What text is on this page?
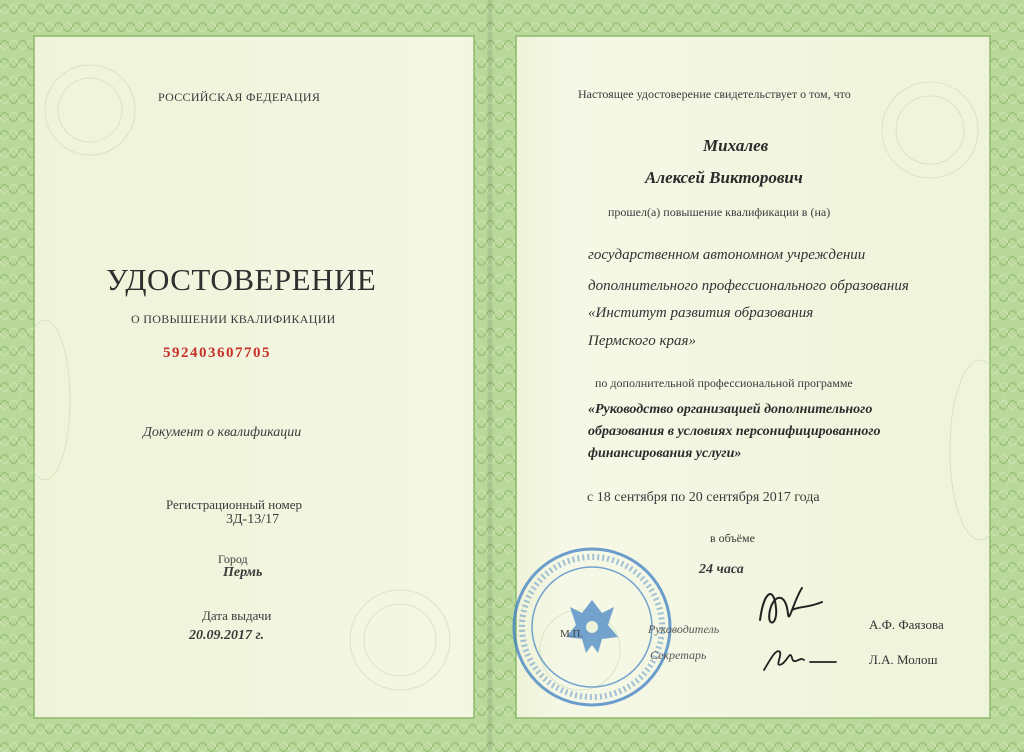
РОССИЙСКАЯ ФЕДЕРАЦИЯ
УДОСТОВЕРЕНИЕ
О ПОВЫШЕНИИ КВАЛИФИКАЦИИ
592403607705
Документ о квалификации
Регистрационный номер
3Д-13/17
Город
Пермь
Дата выдачи
20.09.2017 г.
Настоящее удостоверение свидетельствует о том, что
Михалев
Алексей Викторович
прошел(а) повышение квалификации в (на)
государственном автономном учреждении
дополнительного профессионального образования
«Институт развития образования
Пермского края»
по дополнительной профессиональной программе
«Руководство организацией дополнительного
образования в условиях персонифицированного
финансирования услуги»
с 18 сентября по 20 сентября 2017 года
в объёме
24 часа
М.П.	Руководитель	А.Ф. Фаязова
Секретарь	Л.А. Молош
